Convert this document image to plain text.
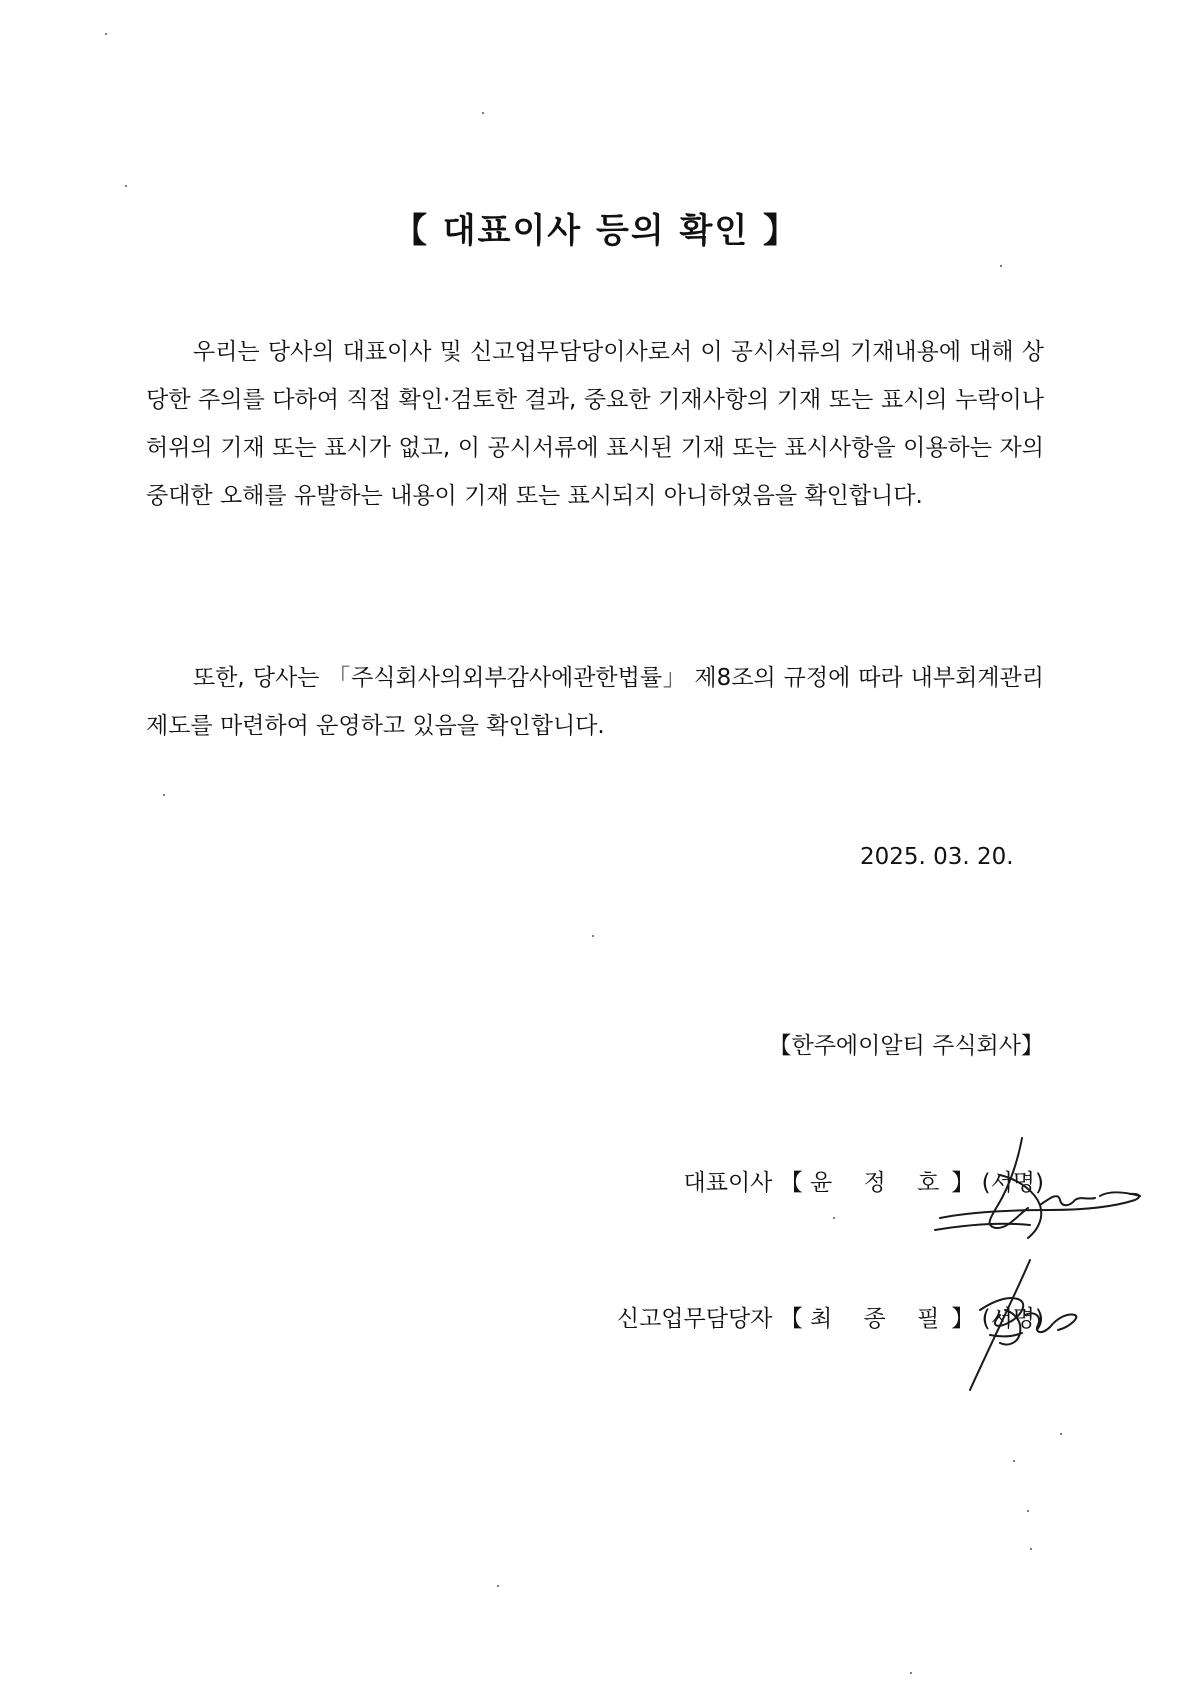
【 대표이사 등의 확인 】

우리는 당사의 대표이사 및 신고업무담당이사로서 이 공시서류의 기재내용에 대해 상당한 주의를 다하여 직접 확인·검토한 결과, 중요한 기재사항의 기재 또는 표시의 누락이나 허위의 기재 또는 표시가 없고, 이 공시서류에 표시된 기재 또는 표시사항을 이용하는 자의 중대한 오해를 유발하는 내용이 기재 또는 표시되지 아니하였음을 확인합니다.

또한, 당사는 「주식회사의외부감사에관한법률」 제8조의 규정에 따라 내부회계관리제도를 마련하여 운영하고 있음을 확인합니다.

2025. 03. 20.
【한주에이알티 주식회사】
대표이사 【 윤 정 호】 (서명)
신고업무담당자 【 최 종 필】 (서명)
